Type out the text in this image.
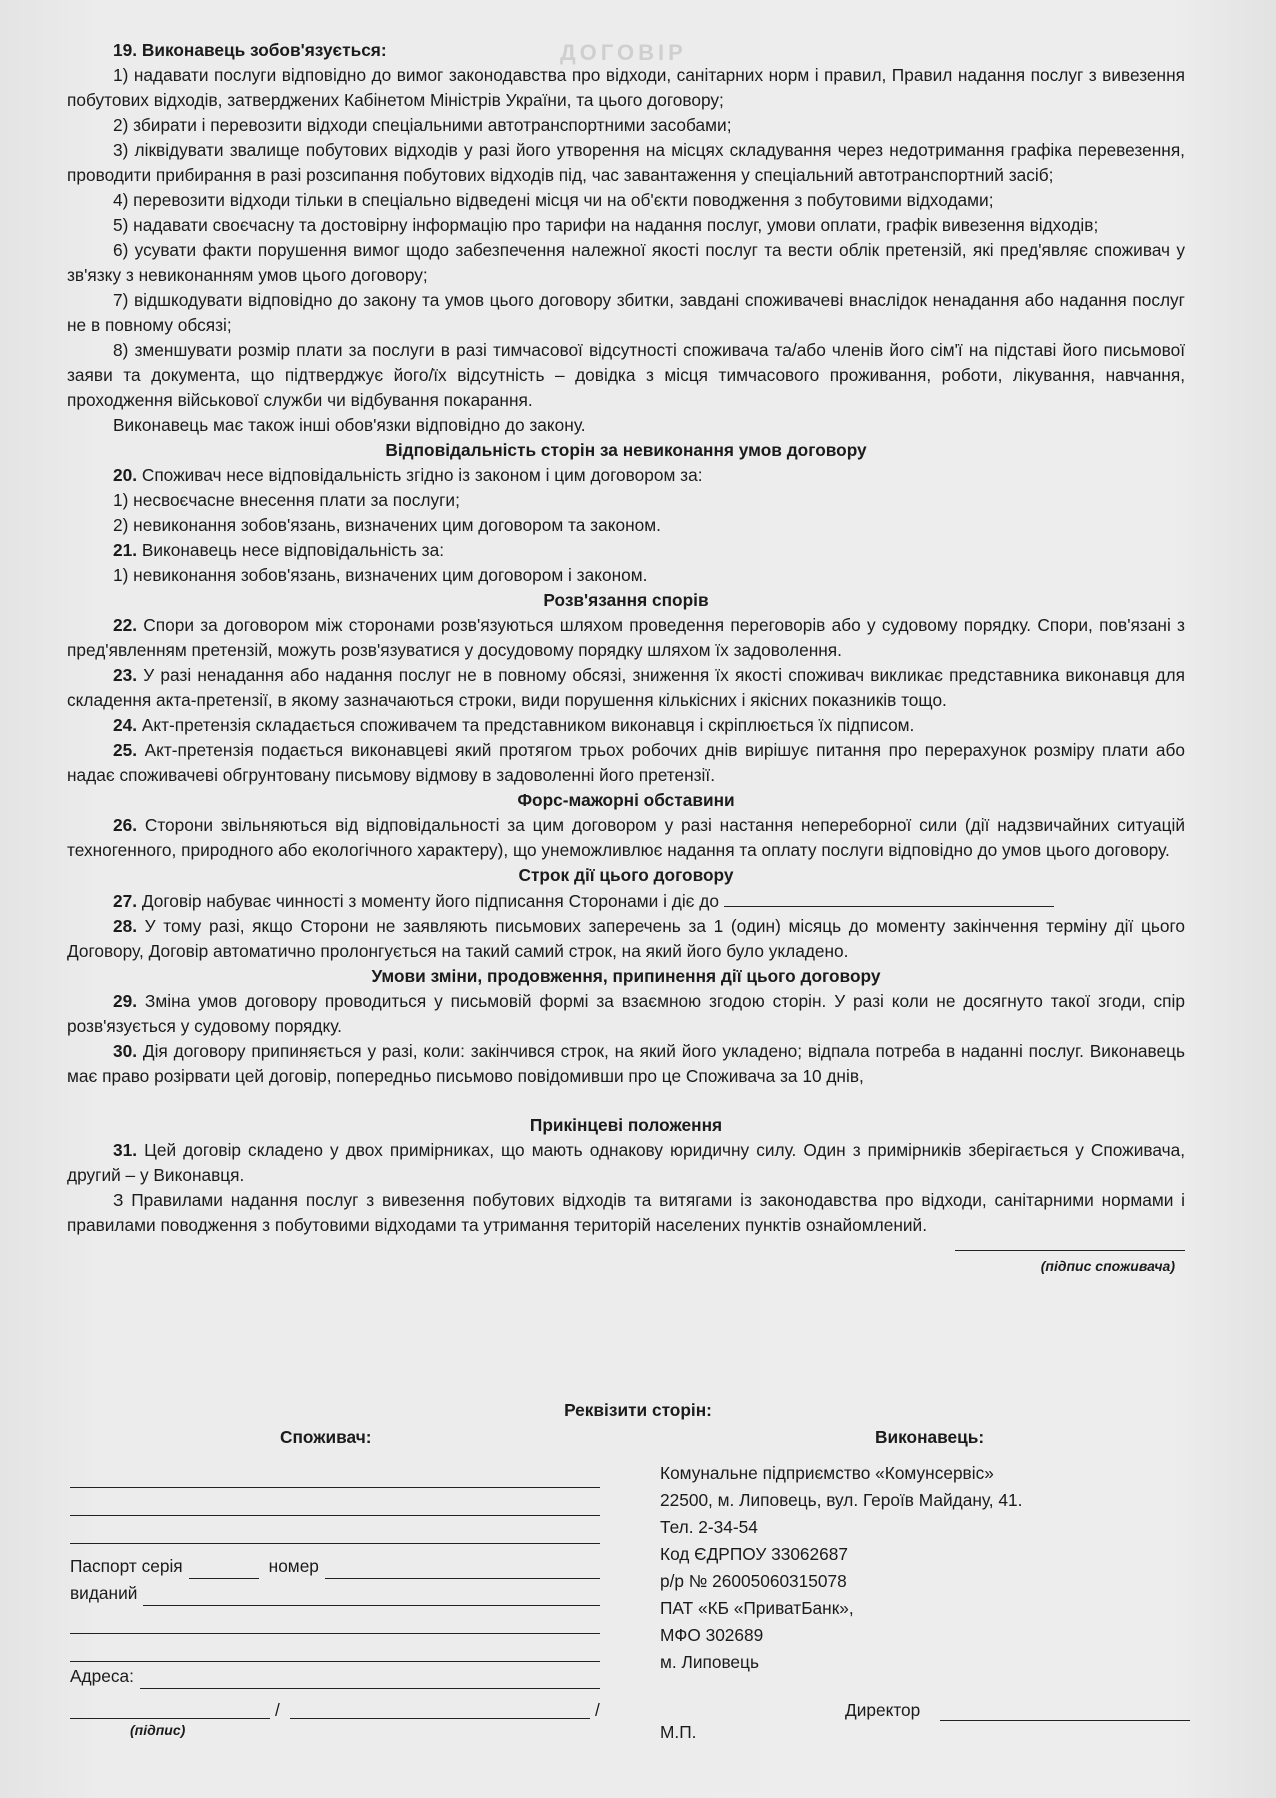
ДОГОВІР

19. Виконавець зобов'язується:

1) надавати послуги відповідно до вимог законодавства про відходи, санітарних норм і правил, Правил надання послуг з вивезення побутових відходів, затверджених Кабінетом Міністрів України, та цього договору;

2) збирати і перевозити відходи спеціальними автотранспортними засобами;

3) ліквідувати звалище побутових відходів у разі його утворення на місцях складування через недотримання графіка перевезення, проводити прибирання в разі розсипання побутових відходів під, час завантаження у спеціальний автотранспортний засіб;

4) перевозити відходи тільки в спеціально відведені місця чи на об'єкти поводження з побутовими відходами;

5) надавати своєчасну та достовірну інформацію про тарифи на надання послуг, умови оплати, графік вивезення відходів;

6) усувати факти порушення вимог щодо забезпечення належної якості послуг та вести облік претензій, які пред'являє споживач у зв'язку з невиконанням умов цього договору;

7) відшкодувати відповідно до закону та умов цього договору збитки, завдані споживачеві внаслідок ненадання або надання послуг не в повному обсязі;

8) зменшувати розмір плати за послуги в разі тимчасової відсутності споживача та/або членів його сім'ї на підставі його письмової заяви та документа, що підтверджує його/їх відсутність – довідка з місця тимчасового проживання, роботи, лікування, навчання, проходження військової служби чи відбування покарання.

Виконавець має також інші обов'язки відповідно до закону.

Відповідальність сторін за невиконання умов договору

20. Споживач несе відповідальність згідно із законом і цим договором за:

1) несвоєчасне внесення плати за послуги;

2) невиконання зобов'язань, визначених цим договором та законом.

21. Виконавець несе відповідальність за:

1) невиконання зобов'язань, визначених цим договором і законом.

Розв'язання спорів

22. Спори за договором між сторонами розв'язуються шляхом проведення переговорів або у судовому порядку. Спори, пов'язані з пред'явленням претензій, можуть розв'язуватися у досудовому порядку шляхом їх задоволення.

23. У разі ненадання або надання послуг не в повному обсязі, зниження їх якості споживач викликає представника виконавця для складення акта-претензії, в якому зазначаються строки, види порушення кількісних і якісних показників тощо.

24. Акт-претензія складається споживачем та представником виконавця і скріплюється їх підписом.

25. Акт-претензія подається виконавцеві який протягом трьох робочих днів вирішує питання про перерахунок розміру плати або надає споживачеві обгрунтовану письмову відмову в задоволенні його претензії.

Форс-мажорні обставини

26. Сторони звільняються від відповідальності за цим договором у разі настання непереборної сили (дії надзвичайних ситуацій техногенного, природного або екологічного характеру), що унеможливлює надання та оплату послуги відповідно до умов цього договору.

Строк дії цього договору

27. Договір набуває чинності з моменту його підписання Сторонами і діє до

28. У тому разі, якщо Сторони не заявляють письмових заперечень за 1 (один) місяць до моменту закінчення терміну дії цього Договору, Договір автоматично пролонгується на такий самий строк, на який його було укладено.

Умови зміни, продовження, припинення дії цього договору

29. Зміна умов договору проводиться у письмовій формі за взаємною згодою сторін. У разі коли не досягнуто такої згоди, спір розв'язується у судовому порядку.

30. Дія договору припиняється у разі, коли: закінчився строк, на який його укладено; відпала потреба в наданні послуг. Виконавець має право розірвати цей договір, попередньо письмово повідомивши про це Споживача за 10 днів,

Прикінцеві положення

31. Цей договір складено у двох примірниках, що мають однакову юридичну силу. Один з примірників зберігається у Споживача, другий – у Виконавця.

З Правилами надання послуг з вивезення побутових відходів та витягами із законодавства про відходи, санітарними нормами і правилами поводження з побутовими відходами та утримання територій населених пунктів ознайомлений.

(підпис споживача)
Реквізити сторін:
Споживач:
Паспорт серія	номер
виданий
Адреса:
/	/
(підпис)
Виконавець:
Комунальне підприємство «Комунсервіс»
22500, м. Липовець, вул. Героїв Майдану, 41.
Тел. 2-34-54
Код ЄДРПОУ 33062687
р/р № 26005060315078
ПАТ «КБ «ПриватБанк»,
МФО 302689
м. Липовець
Директор
М.П.
